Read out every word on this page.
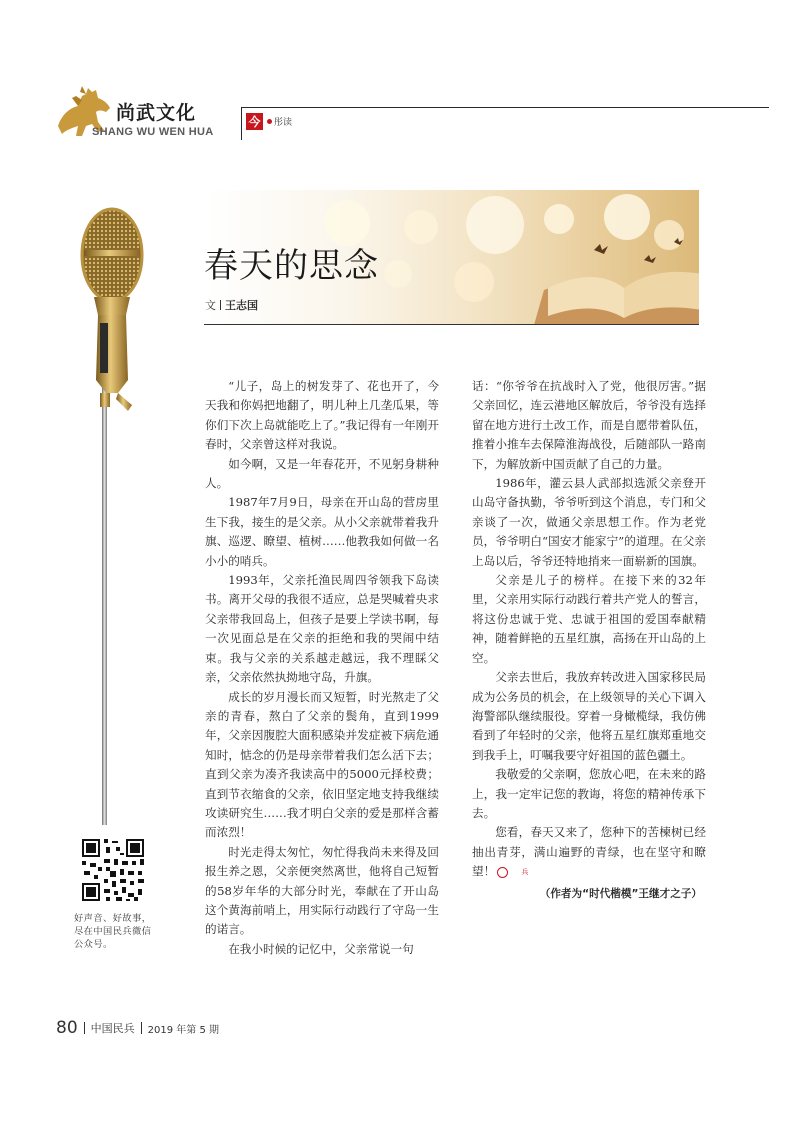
尚武文化
SHANG WU WEN HUA
今 彤读
春天的思念
文 王志国

“儿子，岛上的树发芽了、花也开了，今天我和你妈把地翻了，明儿种上几垄瓜果，等你们下次上岛就能吃上了。”我记得有一年刚开春时，父亲曾这样对我说。

如今啊，又是一年春花开，不见躬身耕种人。

1987年7月9日，母亲在开山岛的营房里生下我，接生的是父亲。从小父亲就带着我升旗、巡逻、瞭望、植树……他教我如何做一名小小的哨兵。

1993年，父亲托渔民周四爷领我下岛读书。离开父母的我很不适应，总是哭喊着央求父亲带我回岛上，但孩子是要上学读书啊，每一次见面总是在父亲的拒绝和我的哭闹中结束。我与父亲的关系越走越远，我不理睬父亲，父亲依然执拗地守岛，升旗。

成长的岁月漫长而又短暂，时光熬走了父亲的青春，熬白了父亲的鬓角，直到1999年，父亲因腹腔大面积感染并发症被下病危通知时，惦念的仍是母亲带着我们怎么活下去；直到父亲为凑齐我读高中的5000元择校费；直到节衣缩食的父亲，依旧坚定地支持我继续攻读研究生……我才明白父亲的爱是那样含蓄而浓烈！

时光走得太匆忙，匆忙得我尚未来得及回报生养之恩，父亲便突然离世，他将自己短暂的58岁年华的大部分时光，奉献在了开山岛这个黄海前哨上，用实际行动践行了守岛一生的诺言。

在我小时候的记忆中，父亲常说一句

话：“你爷爷在抗战时入了党，他很厉害。”据父亲回忆，连云港地区解放后，爷爷没有选择留在地方进行土改工作，而是自愿带着队伍，推着小推车去保障淮海战役，后随部队一路南下，为解放新中国贡献了自己的力量。

1986年，灌云县人武部拟选派父亲登开山岛守备执勤，爷爷听到这个消息，专门和父亲谈了一次，做通父亲思想工作。作为老党员，爷爷明白“国安才能家宁”的道理。在父亲上岛以后，爷爷还特地捎来一面崭新的国旗。

父亲是儿子的榜样。在接下来的32年里，父亲用实际行动践行着共产党人的誓言，将这份忠诚于党、忠诚于祖国的爱国奉献精神，随着鲜艳的五星红旗，高扬在开山岛的上空。

父亲去世后，我放弃转改进入国家移民局成为公务员的机会，在上级领导的关心下调入海警部队继续服役。穿着一身橄榄绿，我仿佛看到了年轻时的父亲，他将五星红旗郑重地交到我手上，叮嘱我要守好祖国的蓝色疆土。

我敬爱的父亲啊，您放心吧，在未来的路上，我一定牢记您的教诲，将您的精神传承下去。

您看，春天又来了，您种下的苦楝树已经抽出青芽，满山遍野的青绿，也在坚守和瞭望！	兵

（作者为“时代楷模”王继才之子）

好声音、好故事，尽在中国民兵微信公众号。
80 中国民兵 2019 年第 5 期
